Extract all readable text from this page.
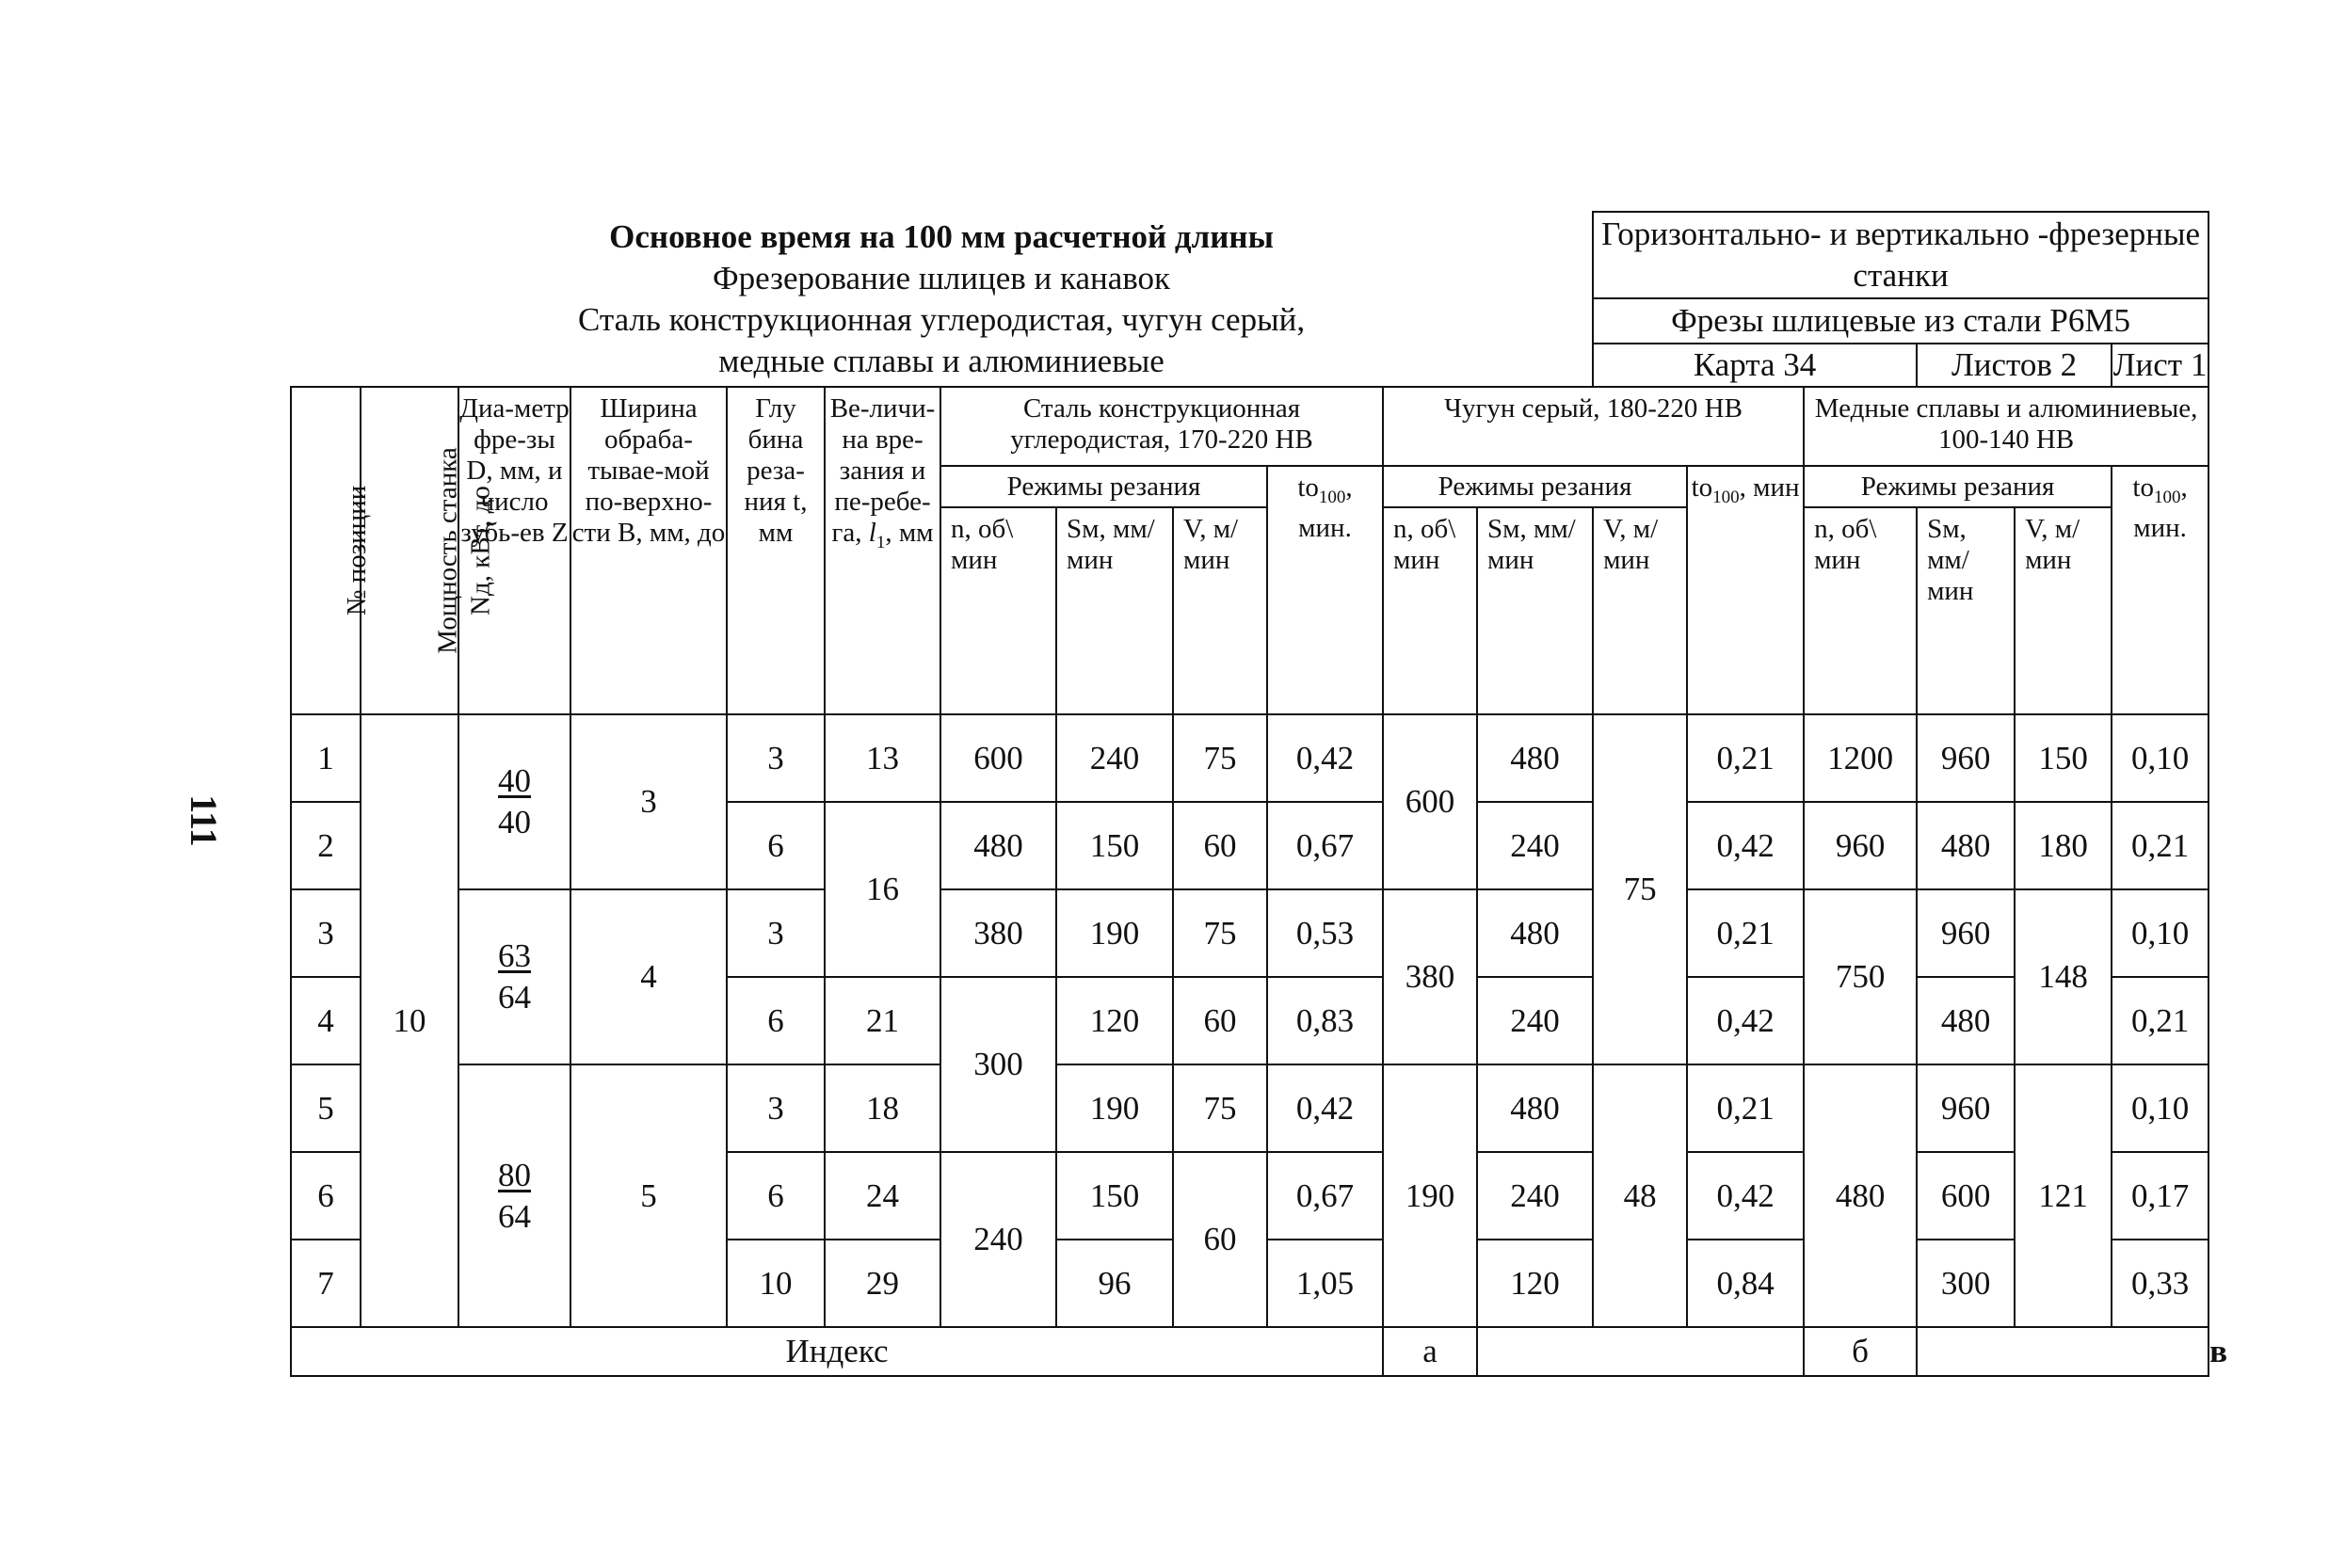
111
Основное время на 100 мм расчетной длины
Фрезерование шлицев и канавок
Сталь конструкционная углеродистая, чугун серый,
медные сплавы и алюминиевые												Горизонтально- и вертикально -фрезерные станки						
												Фрезы шлицевые из стали Р6М5						
												Карта 34			Листов 2		Лист 1	
№ позиции	Мощность станка Nд, кВт, до	Диа-метр фре-зы D, мм, и число зубь-ев Z	Ширина обраба-тывае-мой по-верхно-сти B, мм, до	Глу бина реза-ния t, мм	Ве-личи-на вре-зания и пе-ребе-га, $l_1$, мм	Сталь конструкционная углеродистая, 170-220 НВ				Чугун серый, 180-220 НВ				Медные сплавы и алюминиевые, 100-140 НВ				
						Режимы резания			$to_{100}$, мин.	Режимы резания			$to_{100}$, мин	Режимы резания			$to_{100}$, мин.	
						n, об\ мин	Sм, мм/ мин	V, м/ мин		n, об\ мин	Sм, мм/ мин	V, м/ мин		n, об\ мин	Sм, мм/ мин	V, м/ мин		
1	10	$\frac{40}{40}$	3	3	13	600	240	75	0,42	600	480	75	0,21	1200	960	150	0,10	
2				6	16	480	150	60	0,67		240		0,42	960	480	180	0,21	
3		$\frac{63}{64}$	4	3		380	190	75	0,53	380	480		0,21	750	960	148	0,10	
4				6	21	300	120	60	0,83		240		0,42		480		0,21	
5		$\frac{80}{64}$	5	3	18		190	75	0,42	190	480	48	0,21	480	960	121	0,10	
6				6	24	240	150	60	0,67		240		0,42		600		0,17	
7				10	29		96		1,05		120		0,84		300		0,33	
Индекс										а				б				в
